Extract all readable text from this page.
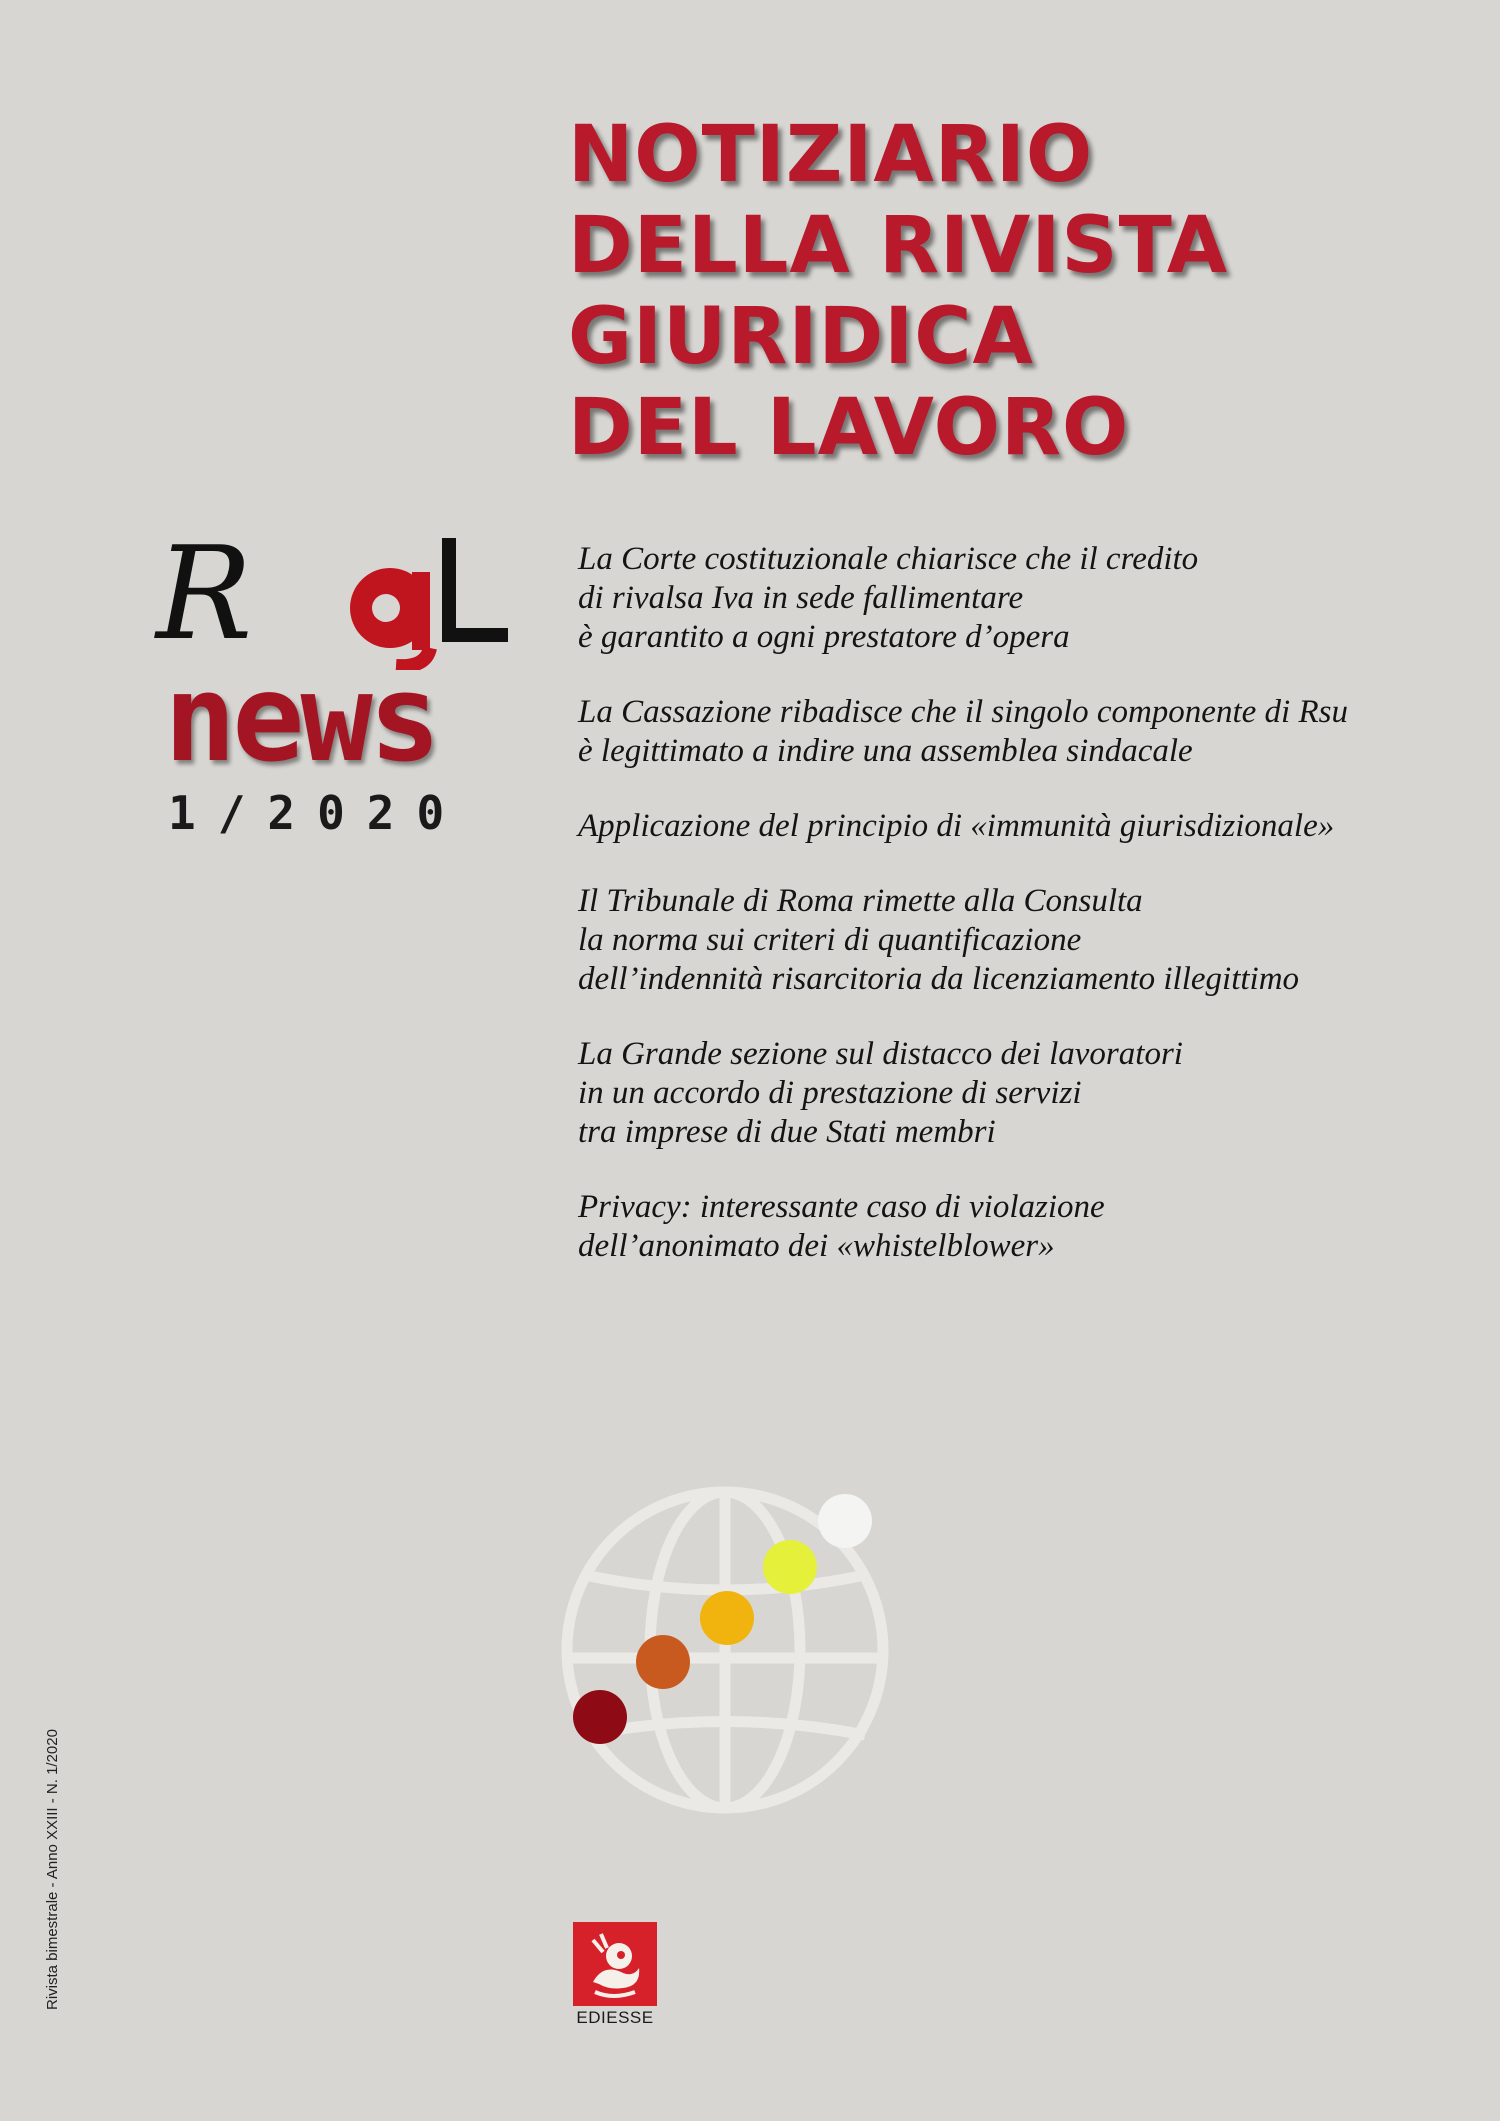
NOTIZIARIO
DELLA RIVISTA
GIURIDICA
DEL LAVORO
R
news
1/2020
La Corte costituzionale chiarisce che il credito
di rivalsa Iva in sede fallimentare
è garantito a ogni prestatore d’opera
La Cassazione ribadisce che il singolo componente di Rsu
è legittimato a indire una assemblea sindacale
Applicazione del principio di «immunità giurisdizionale»
Il Tribunale di Roma rimette alla Consulta
la norma sui criteri di quantificazione
dell’indennità risarcitoria da licenziamento illegittimo
La Grande sezione sul distacco dei lavoratori
in un accordo di prestazione di servizi
tra imprese di due Stati membri
Privacy: interessante caso di violazione
dell’anonimato dei «whistelblower»
Rivista bimestrale - Anno XXIII - N. 1/2020
EDIESSE
